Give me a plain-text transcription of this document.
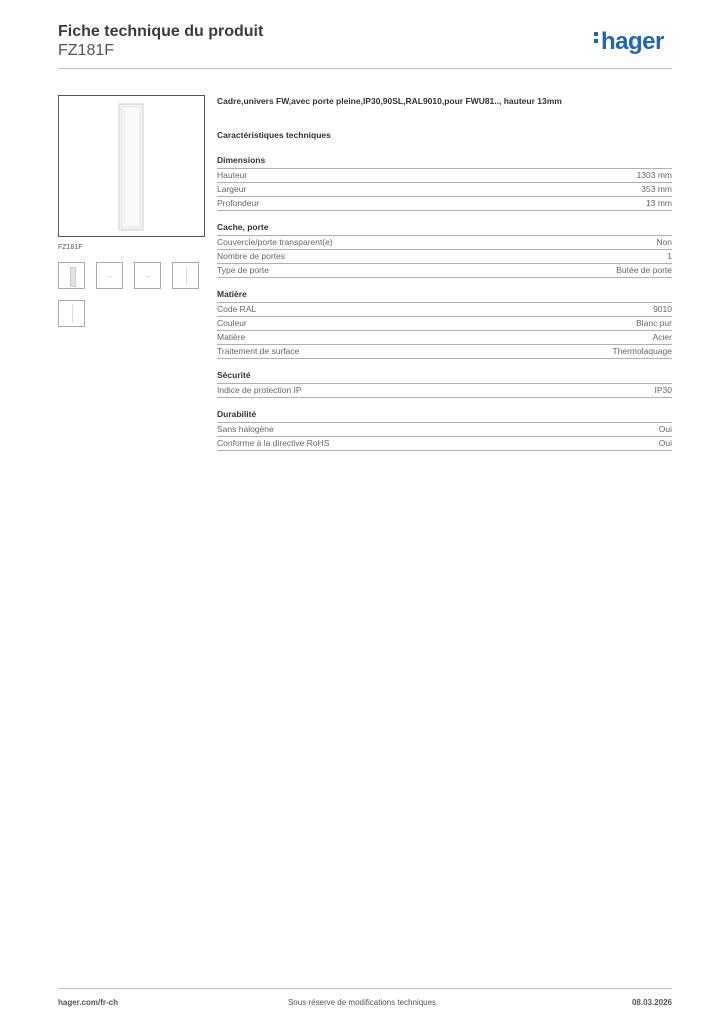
Fiche technique du produit
FZ181F	hager
FZ181F
Cadre,univers FW,avec porte pleine,IP30,90SL,RAL9010,pour FWU81.., hauteur 13mm
Caractéristiques techniques
Dimensions
Hauteur	1303 mm
Largeur	353 mm
Profondeur	13 mm
Cache, porte
Couvercle/porte transparent(e)	Non
Nombre de portes	1
Type de porte	Butée de porte
Matière
Code RAL	9010
Couleur	Blanc pur
Matière	Acier
Traitement de surface	Thermolaquage
Sécurité
Indice de protection IP	IP30
Durabilité
Sans halogène	Oui
Conforme à la directive RoHS	Oui
hager.com/fr-ch	Sous réserve de modifications techniques	08.03.2026
